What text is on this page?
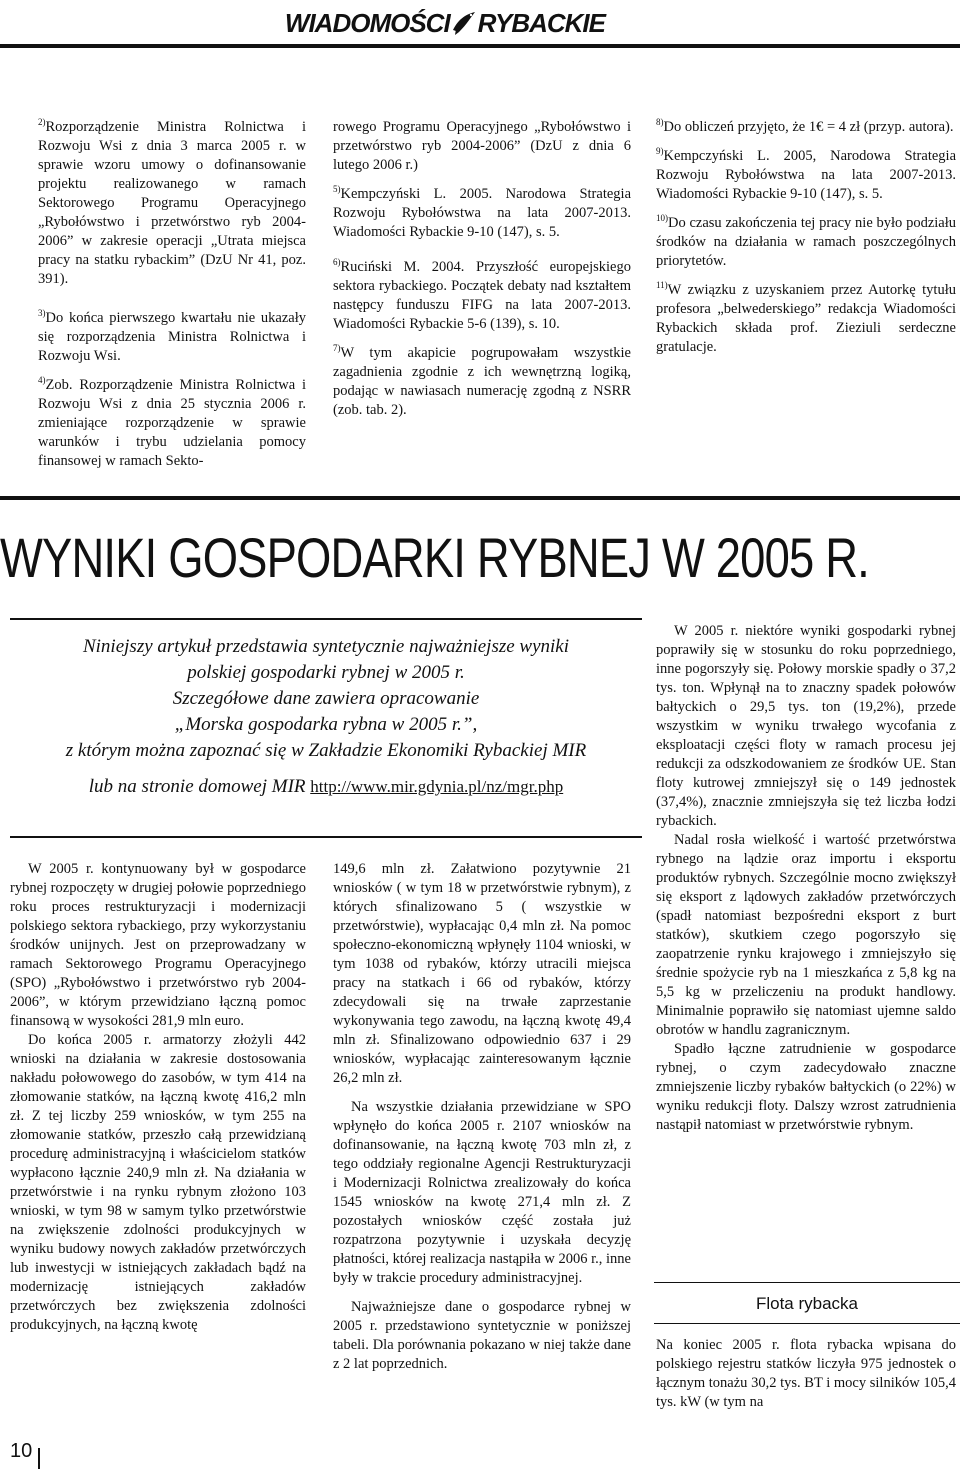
WIADOMOŚCI RYBACKIE

$^{2)}$Rozporządzenie Ministra Rolnictwa i Rozwoju Wsi z dnia 3 marca 2005 r. w sprawie wzoru umowy o dofinansowanie projektu realizowanego w ramach Sektorowego Programu Operacyjnego „Rybołówstwo i przetwórstwo ryb 2004-2006” w zakresie operacji „Utrata miejsca pracy na statku rybackim” (DzU Nr 41, poz. 391).

$^{3)}$Do końca pierwszego kwartału nie ukazały się rozporządzenia Ministra Rolnictwa i Rozwoju Wsi.

$^{4)}$Zob. Rozporządzenie Ministra Rolnictwa i Rozwoju Wsi z dnia 25 stycznia 2006 r. zmieniające rozporządzenie w sprawie warunków i trybu udzielania pomocy finansowej w ramach Sekto-

rowego Programu Operacyjnego „Rybołówstwo i przetwórstwo ryb 2004-2006” (DzU z dnia 6 lutego 2006 r.)

$^{5)}$Kempczyński L. 2005. Narodowa Strategia Rozwoju Rybołówstwa na lata 2007-2013. Wiadomości Rybackie 9-10 (147), s. 5.

$^{6)}$Ruciński M. 2004. Przyszłość europejskiego sektora rybackiego. Początek debaty nad kształtem następcy funduszu FIFG na lata 2007-2013. Wiadomości Rybackie 5-6 (139), s. 10.

$^{7)}$W tym akapicie pogrupowałam wszystkie zagadnienia zgodnie z ich wewnętrzną logiką, podając w nawiasach numerację zgodną z NSRR (zob. tab. 2).

$^{8)}$Do obliczeń przyjęto, że 1€ = 4 zł (przyp. autora).

$^{9)}$Kempczyński L. 2005, Narodowa Strategia Rozwoju Rybołówstwa na lata 2007-2013. Wiadomości Rybackie 9-10 (147), s. 5.

$^{10)}$Do czasu zakończenia tej pracy nie było podziału środków na działania w ramach poszczególnych priorytetów.

$^{11)}$W związku z uzyskaniem przez Autorkę tytułu profesora „belwederskiego” redakcja Wiadomości Rybackich składa prof. Zieziuli serdeczne gratulacje.

WYNIKI GOSPODARKI RYBNEJ W 2005 R.
Niniejszy artykuł przedstawia syntetycznie najważniejsze wyniki
polskiej gospodarki rybnej w 2005 r.
Szczegółowe dane zawiera opracowanie
„Morska gospodarka rybna w 2005 r.”,
z którym można zapoznać się w Zakładzie Ekonomiki Rybackiej MIR
lub na stronie domowej MIR http://www.mir.gdynia.pl/nz/mgr.php

W 2005 r. kontynuowany był w gospodarce rybnej rozpoczęty w drugiej połowie poprzedniego roku proces restrukturyzacji i modernizacji polskiego sektora rybackiego, przy wykorzystaniu środków unijnych. Jest on przeprowadzany w ramach Sektorowego Programu Operacyjnego (SPO) „Rybołówstwo i przetwórstwo ryb 2004-2006”, w którym przewidziano łączną pomoc finansową w wysokości 281,9 mln euro.

Do końca 2005 r. armatorzy złożyli 442 wnioski na działania w zakresie dostosowania nakładu połowowego do zasobów, w tym 414 na złomowanie statków, na łączną kwotę 416,2 mln zł. Z tej liczby 259 wniosków, w tym 255 na złomowanie statków, przeszło całą przewidzianą procedurę administracyjną i właścicielom statków wypłacono łącznie 240,9 mln zł. Na działania w przetwórstwie i na rynku rybnym złożono 103 wnioski, w tym 98 w samym tylko przetwórstwie na zwiększenie zdolności produkcyjnych w wyniku budowy nowych zakładów przetwórczych lub inwestycji w istniejących zakładach bądź na modernizację istniejących zakładów przetwórczych bez zwiększenia zdolności produkcyjnych, na łączną kwotę

149,6 mln zł. Załatwiono pozytywnie 21 wniosków ( w tym 18 w przetwórstwie rybnym), z których sfinalizowano 5 ( wszystkie w przetwórstwie), wypłacając 0,4 mln zł. Na pomoc społeczno-ekonomiczną wpłynęły 1104 wnioski, w tym 1038 od rybaków, którzy utracili miejsca pracy na statkach i 66 od rybaków, którzy zdecydowali się na trwałe zaprzestanie wykonywania tego zawodu, na łączną kwotę 49,4 mln zł. Sfinalizowano odpowiednio 637 i 29 wniosków, wypłacając zainteresowanym łącznie 26,2 mln zł.

Na wszystkie działania przewidziane w SPO wpłynęło do końca 2005 r. 2107 wniosków na dofinansowanie, na łączną kwotę 703 mln zł, z tego oddziały regionalne Agencji Restrukturyzacji i Modernizacji Rolnictwa zrealizowały do końca 1545 wniosków na kwotę 271,4 mln zł. Z pozostałych wniosków część została już rozpatrzona pozytywnie i uzyskała decyzję płatności, której realizacja nastąpiła w 2006 r., inne były w trakcie procedury administracyjnej.

Najważniejsze dane o gospodarce rybnej w 2005 r. przedstawiono syntetycznie w poniższej tabeli. Dla porównania pokazano w niej także dane z 2 lat poprzednich.

W 2005 r. niektóre wyniki gospodarki rybnej poprawiły się w stosunku do roku poprzedniego, inne pogorszyły się. Połowy morskie spadły o 37,2 tys. ton. Wpłynął na to znaczny spadek połowów bałtyckich o 29,5 tys. ton (19,2%), przede wszystkim w wyniku trwałego wycofania z eksploatacji części floty w ramach procesu jej redukcji za odszkodowaniem ze środków UE. Stan floty kutrowej zmniejszył się o 149 jednostek (37,4%), znacznie zmniejszyła się też liczba łodzi rybackich.

Nadal rosła wielkość i wartość przetwórstwa rybnego na lądzie oraz importu i eksportu produktów rybnych. Szczególnie mocno zwiększył się eksport z lądowych zakładów przetwórczych (spadł natomiast bezpośredni eksport z burt statków), skutkiem czego pogorszyło się zaopatrzenie rynku krajowego i zmniejszyło się średnie spożycie ryb na 1 mieszkańca z 5,8 kg na 5,5 kg w przeliczeniu na produkt handlowy. Minimalnie poprawiło się natomiast ujemne saldo obrotów w handlu zagranicznym.

Spadło łączne zatrudnienie w gospodarce rybnej, o czym zadecydowało znaczne zmniejszenie liczby rybaków bałtyckich (o 22%) w wyniku redukcji floty. Dalszy wzrost zatrudnienia nastąpił natomiast w przetwórstwie rybnym.

Flota rybacka

Na koniec 2005 r. flota rybacka wpisana do polskiego rejestru statków liczyła 975 jednostek o łącznym tonażu 30,2 tys. BT i mocy silników 105,4 tys. kW (w tym na

10
